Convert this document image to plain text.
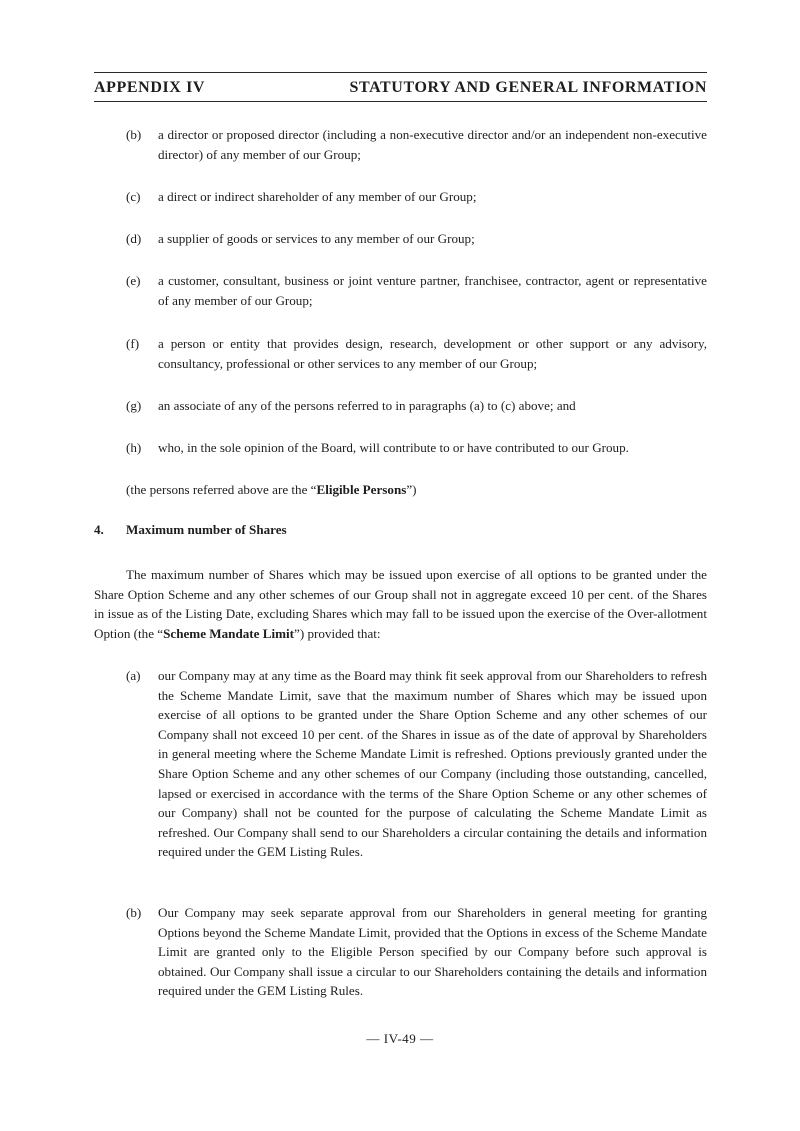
APPENDIX IV	STATUTORY AND GENERAL INFORMATION
(b) a director or proposed director (including a non-executive director and/or an independent non-executive director) of any member of our Group;
(c) a direct or indirect shareholder of any member of our Group;
(d) a supplier of goods or services to any member of our Group;
(e) a customer, consultant, business or joint venture partner, franchisee, contractor, agent or representative of any member of our Group;
(f) a person or entity that provides design, research, development or other support or any advisory, consultancy, professional or other services to any member of our Group;
(g) an associate of any of the persons referred to in paragraphs (a) to (c) above; and
(h) who, in the sole opinion of the Board, will contribute to or have contributed to our Group.
(the persons referred above are the “Eligible Persons”)
4. Maximum number of Shares
The maximum number of Shares which may be issued upon exercise of all options to be granted under the Share Option Scheme and any other schemes of our Group shall not in aggregate exceed 10 per cent. of the Shares in issue as of the Listing Date, excluding Shares which may fall to be issued upon the exercise of the Over-allotment Option (the “Scheme Mandate Limit”) provided that:
(a) our Company may at any time as the Board may think fit seek approval from our Shareholders to refresh the Scheme Mandate Limit, save that the maximum number of Shares which may be issued upon exercise of all options to be granted under the Share Option Scheme and any other schemes of our Company shall not exceed 10 per cent. of the Shares in issue as of the date of approval by Shareholders in general meeting where the Scheme Mandate Limit is refreshed. Options previously granted under the Share Option Scheme and any other schemes of our Company (including those outstanding, cancelled, lapsed or exercised in accordance with the terms of the Share Option Scheme or any other schemes of our Company) shall not be counted for the purpose of calculating the Scheme Mandate Limit as refreshed. Our Company shall send to our Shareholders a circular containing the details and information required under the GEM Listing Rules.
(b) Our Company may seek separate approval from our Shareholders in general meeting for granting Options beyond the Scheme Mandate Limit, provided that the Options in excess of the Scheme Mandate Limit are granted only to the Eligible Person specified by our Company before such approval is obtained. Our Company shall issue a circular to our Shareholders containing the details and information required under the GEM Listing Rules.
— IV-49 —
